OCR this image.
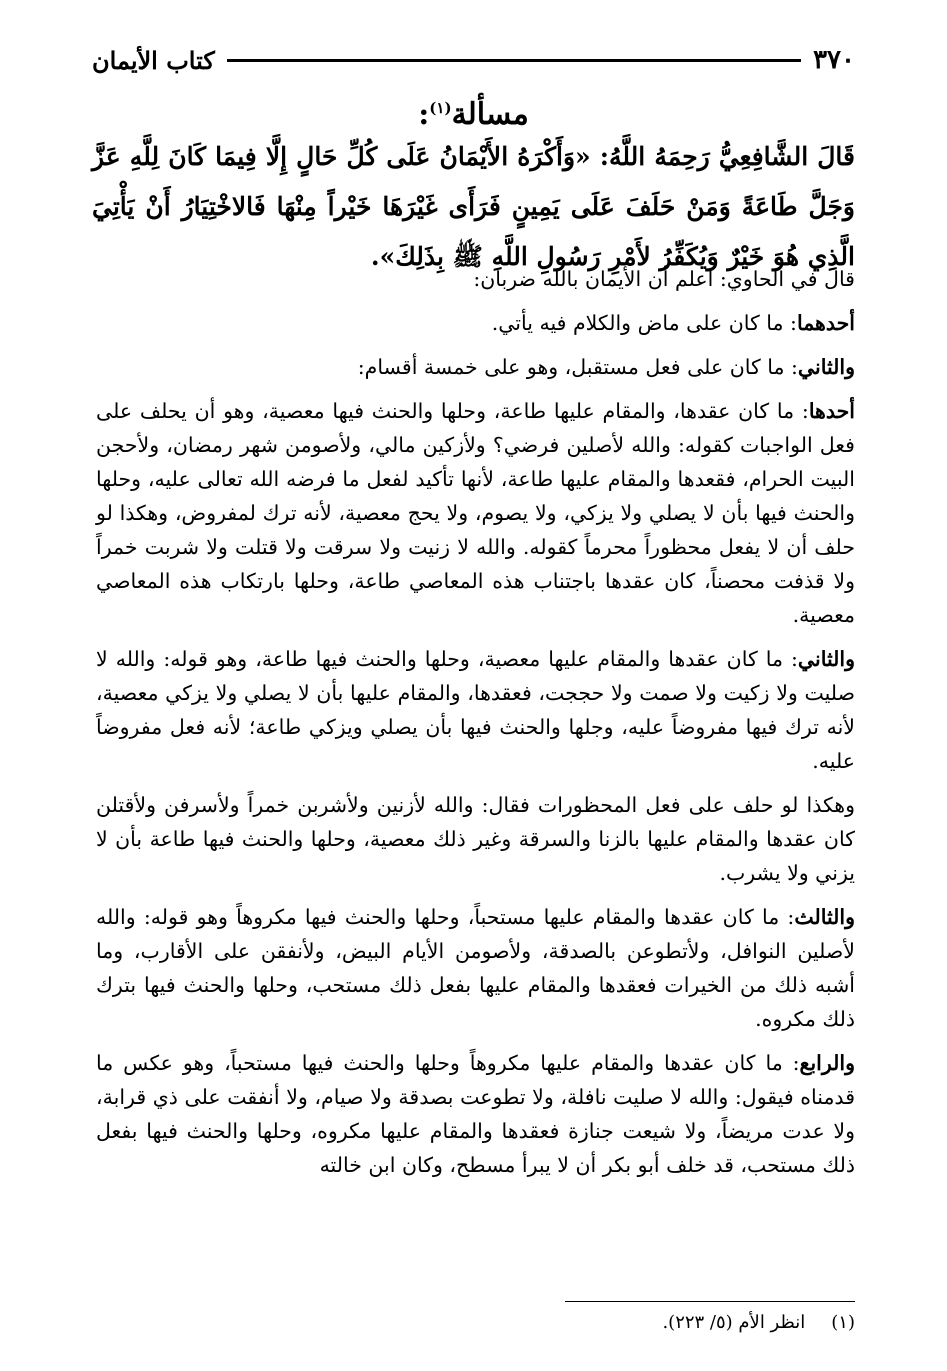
٣٧٠
كتاب الأيمان
مسألة$^{(١)}$:
قَالَ الشَّافِعِيُّ رَحِمَهُ اللَّهُ: «وَأَكْرَهُ الأَيْمَانُ عَلَى كُلِّ حَالٍ إِلَّا فِيمَا كَانَ لِلَّهِ عَزَّ وَجَلَّ طَاعَةً وَمَنْ حَلَفَ عَلَى يَمِينٍ فَرَأَى غَيْرَهَا خَيْراً مِنْهَا فَالاخْتِيَارُ أَنْ يَأْتِيَ الَّذِي هُوَ خَيْرٌ وَيُكَفِّرُ لأَمْرِ رَسُولِ اللَّهِ ﷺ بِذَلِكَ».

قال في الحاوي: اعلم أن الأيمان بالله ضربان:

أحدهما: ما كان على ماض والكلام فيه يأتي.

والثاني: ما كان على فعل مستقبل، وهو على خمسة أقسام:

أحدها: ما كان عقدها، والمقام عليها طاعة، وحلها والحنث فيها معصية، وهو أن يحلف على فعل الواجبات كقوله: والله لأصلين فرضي؟ ولأزكين مالي، ولأصومن شهر رمضان، ولأحجن البيت الحرام، فقعدها والمقام عليها طاعة، لأنها تأكيد لفعل ما فرضه الله تعالى عليه، وحلها والحنث فيها بأن لا يصلي ولا يزكي، ولا يصوم، ولا يحج معصية، لأنه ترك لمفروض، وهكذا لو حلف أن لا يفعل محظوراً محرماً كقوله. والله لا زنيت ولا سرقت ولا قتلت ولا شربت خمراً ولا قذفت محصناً، كان عقدها باجتناب هذه المعاصي طاعة، وحلها بارتكاب هذه المعاصي معصية.

والثاني: ما كان عقدها والمقام عليها معصية، وحلها والحنث فيها طاعة، وهو قوله: والله لا صليت ولا زكيت ولا صمت ولا حججت، فعقدها، والمقام عليها بأن لا يصلي ولا يزكي معصية، لأنه ترك فيها مفروضاً عليه، وجلها والحنث فيها بأن يصلي ويزكي طاعة؛ لأنه فعل مفروضاً عليه.

وهكذا لو حلف على فعل المحظورات فقال: والله لأزنين ولأشربن خمراً ولأسرفن ولأقتلن كان عقدها والمقام عليها بالزنا والسرقة وغير ذلك معصية، وحلها والحنث فيها طاعة بأن لا يزني ولا يشرب.

والثالث: ما كان عقدها والمقام عليها مستحباً، وحلها والحنث فيها مكروهاً وهو قوله: والله لأصلين النوافل، ولأتطوعن بالصدقة، ولأصومن الأيام البيض، ولأنفقن على الأقارب، وما أشبه ذلك من الخيرات فعقدها والمقام عليها بفعل ذلك مستحب، وحلها والحنث فيها بترك ذلك مكروه.

والرابع: ما كان عقدها والمقام عليها مكروهاً وحلها والحنث فيها مستحباً، وهو عكس ما قدمناه فيقول: والله لا صليت نافلة، ولا تطوعت بصدقة ولا صيام، ولا أنفقت على ذي قرابة، ولا عدت مريضاً، ولا شيعت جنازة فعقدها والمقام عليها مكروه، وحلها والحنث فيها بفعل ذلك مستحب، قد خلف أبو بكر أن لا يبرأ مسطح، وكان ابن خالته

(١)انظر الأم (٥/ ٢٢٣).
